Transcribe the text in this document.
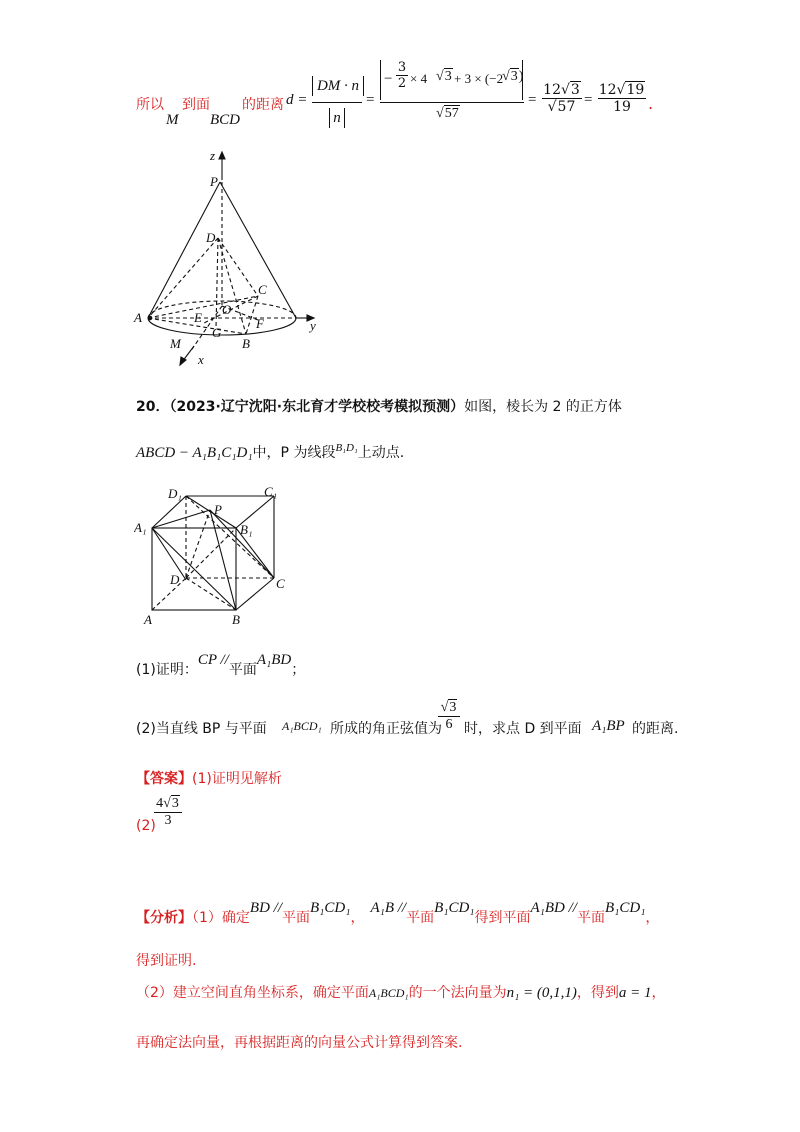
所以
M
到面
BCD
的距离 d =
DM · n
n
=
− $\frac{3}{2} \times 4$ √3 + 3 × (−2
√3)
√57
= $\frac{12√3}{√57} = \frac{12√19}{19}$ .
z
P
D
C
O
A	E	F
G
M	B
x
y
20．（2023·辽宁沈阳·东北育才学校校考模拟预测）如图，棱长为 2 的正方体
ABCD − A₁B₁C₁D₁中，P 为线段$^{B_1D_1}$上动点.
D₁	C₁
P
A₁	B₁
D	C
A	B
(1)证明：CP //平面A₁BD；
(2)当直线 BP 与平面 A₁BCD₁ 所成的角正弦值为
$\frac{√3}{6}$ 时，求点 D 到平面 A₁BP 的距离.
【答案】(1)证明见解析
(2)
$\frac{4√3}{3}$
【分析】（1）确定BD //平面B₁CD₁，A₁B //平面B₁CD₁得到平面A₁BD //平面B₁CD₁，
得到证明.
（2）建立空间直角坐标系，确定平面A₁BCD₁的一个法向量为n₁ = (0,1,1)，得到a = 1，
再确定法向量，再根据距离的向量公式计算得到答案.
